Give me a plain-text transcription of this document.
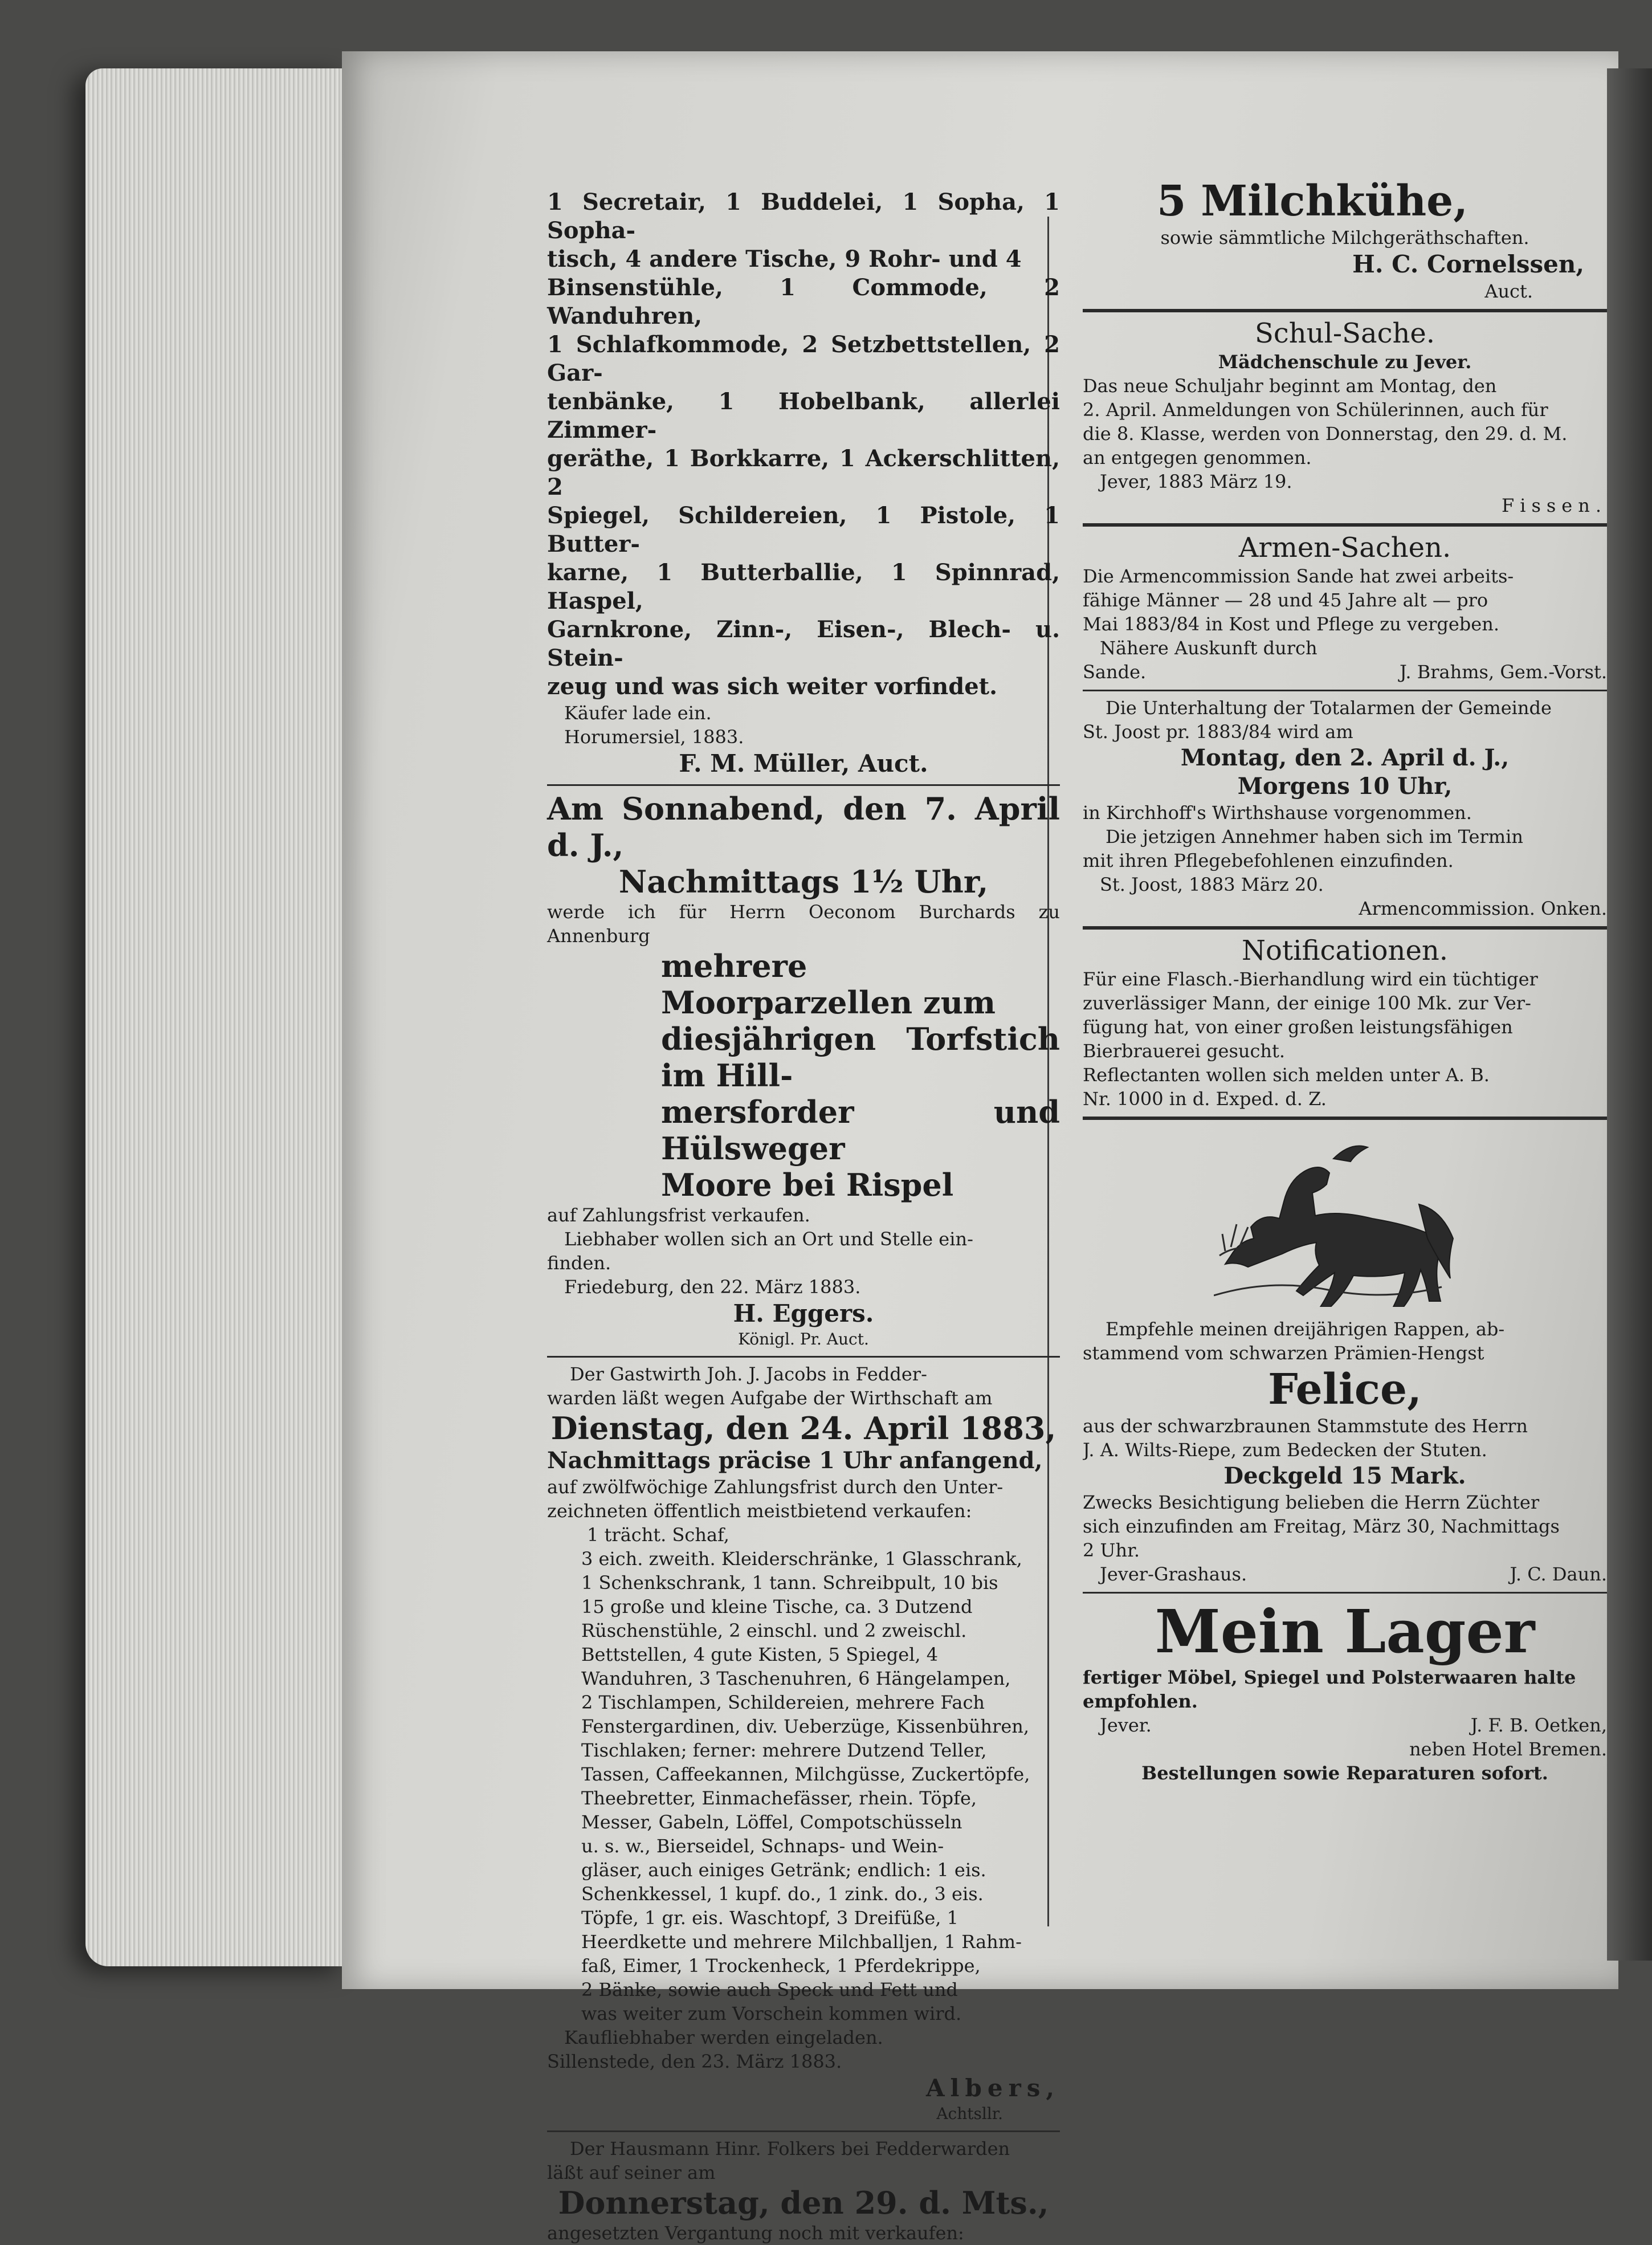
1 Secretair, 1 Buddelei, 1 Sopha, 1 Sopha-

tisch, 4 andere Tische, 9 Rohr- und 4

Binsenstühle, 1 Commode, 2 Wanduhren,

1 Schlafkommode, 2 Setzbettstellen, 2 Gar-

tenbänke, 1 Hobelbank, allerlei Zimmer-

geräthe, 1 Borkkarre, 1 Ackerschlitten, 2

Spiegel, Schildereien, 1 Pistole, 1 Butter-

karne, 1 Butterballie, 1 Spinnrad, Haspel,

Garnkrone, Zinn-, Eisen-, Blech- u. Stein-

zeug und was sich weiter vorfindet.

Käufer lade ein.

Horumersiel, 1883.

F. M. Müller, Auct.

Am Sonnabend, den 7. April d. J.,

Nachmittags 1½ Uhr,

werde ich für Herrn Oeconom Burchards zu Annenburg

mehrere Moorparzellen zum

diesjährigen Torfstich im Hill-

mersforder und Hülsweger

Moore bei Rispel

auf Zahlungsfrist verkaufen.

Liebhaber wollen sich an Ort und Stelle ein-

finden.

Friedeburg, den 22. März 1883.

H. Eggers.

Königl. Pr. Auct.

Der Gastwirth Joh. J. Jacobs in Fedder-

warden läßt wegen Aufgabe der Wirthschaft am

Dienstag, den 24. April 1883,

Nachmittags präcise 1 Uhr anfangend,

auf zwölfwöchige Zahlungsfrist durch den Unter-

zeichneten öffentlich meistbietend verkaufen:

1 trächt. Schaf,

3 eich. zweith. Kleiderschränke, 1 Glasschrank,

1 Schenkschrank, 1 tann. Schreibpult, 10 bis

15 große und kleine Tische, ca. 3 Dutzend

Rüschenstühle, 2 einschl. und 2 zweischl.

Bettstellen, 4 gute Kisten, 5 Spiegel, 4

Wanduhren, 3 Taschenuhren, 6 Hängelampen,

2 Tischlampen, Schildereien, mehrere Fach

Fenstergardinen, div. Ueberzüge, Kissenbühren,

Tischlaken; ferner: mehrere Dutzend Teller,

Tassen, Caffeekannen, Milchgüsse, Zuckertöpfe,

Theebretter, Einmachefässer, rhein. Töpfe,

Messer, Gabeln, Löffel, Compotschüsseln

u. s. w., Bierseidel, Schnaps- und Wein-

gläser, auch einiges Getränk; endlich: 1 eis.

Schenkkessel, 1 kupf. do., 1 zink. do., 3 eis.

Töpfe, 1 gr. eis. Waschtopf, 3 Dreifüße, 1

Heerdkette und mehrere Milchballjen, 1 Rahm-

faß, Eimer, 1 Trockenheck, 1 Pferdekrippe,

2 Bänke, sowie auch Speck und Fett und

was weiter zum Vorschein kommen wird.

Kaufliebhaber werden eingeladen.

Sillenstede, den 23. März 1883.

Albers,

Achtsllr.

Der Hausmann Hinr. Folkers bei Fedderwarden

läßt auf seiner am

Donnerstag, den 29. d. Mts.,

angesetzten Vergantung noch mit verkaufen:

5 Milchkühe,

sowie sämmtliche Milchgeräthschaften.

H. C. Cornelssen,

Auct.

Schul-Sache.

Mädchenschule zu Jever.

Das neue Schuljahr beginnt am Montag, den

2. April. Anmeldungen von Schülerinnen, auch für

die 8. Klasse, werden von Donnerstag, den 29. d. M.

an entgegen genommen.

Jever, 1883 März 19.

Fissen.

Armen-Sachen.

Die Armencommission Sande hat zwei arbeits-

fähige Männer — 28 und 45 Jahre alt — pro

Mai 1883/84 in Kost und Pflege zu vergeben.

Nähere Auskunft durch

Sande.	J. Brahms, Gem.-Vorst.

Die Unterhaltung der Totalarmen der Gemeinde

St. Joost pr. 1883/84 wird am

Montag, den 2. April d. J.,

Morgens 10 Uhr,

in Kirchhoff's Wirthshause vorgenommen.

Die jetzigen Annehmer haben sich im Termin

mit ihren Pflegebefohlenen einzufinden.

St. Joost, 1883 März 20.

Armencommission. Onken.

Notificationen.

Für eine Flasch.-Bierhandlung wird ein tüchtiger

zuverlässiger Mann, der einige 100 Mk. zur Ver-

fügung hat, von einer großen leistungsfähigen

Bierbrauerei gesucht.

Reflectanten wollen sich melden unter A. B.

Nr. 1000 in d. Exped. d. Z.

Empfehle meinen dreijährigen Rappen, ab-

stammend vom schwarzen Prämien-Hengst

Felice,

aus der schwarzbraunen Stammstute des Herrn

J. A. Wilts-Riepe, zum Bedecken der Stuten.

Deckgeld 15 Mark.

Zwecks Besichtigung belieben die Herrn Züchter

sich einzufinden am Freitag, März 30, Nachmittags

2 Uhr.

Jever-Grashaus.	J. C. Daun.

Mein Lager

fertiger Möbel, Spiegel und Polsterwaaren halte

empfohlen.

Jever.	J. F. B. Oetken,

neben Hotel Bremen.

Bestellungen sowie Reparaturen sofort.
